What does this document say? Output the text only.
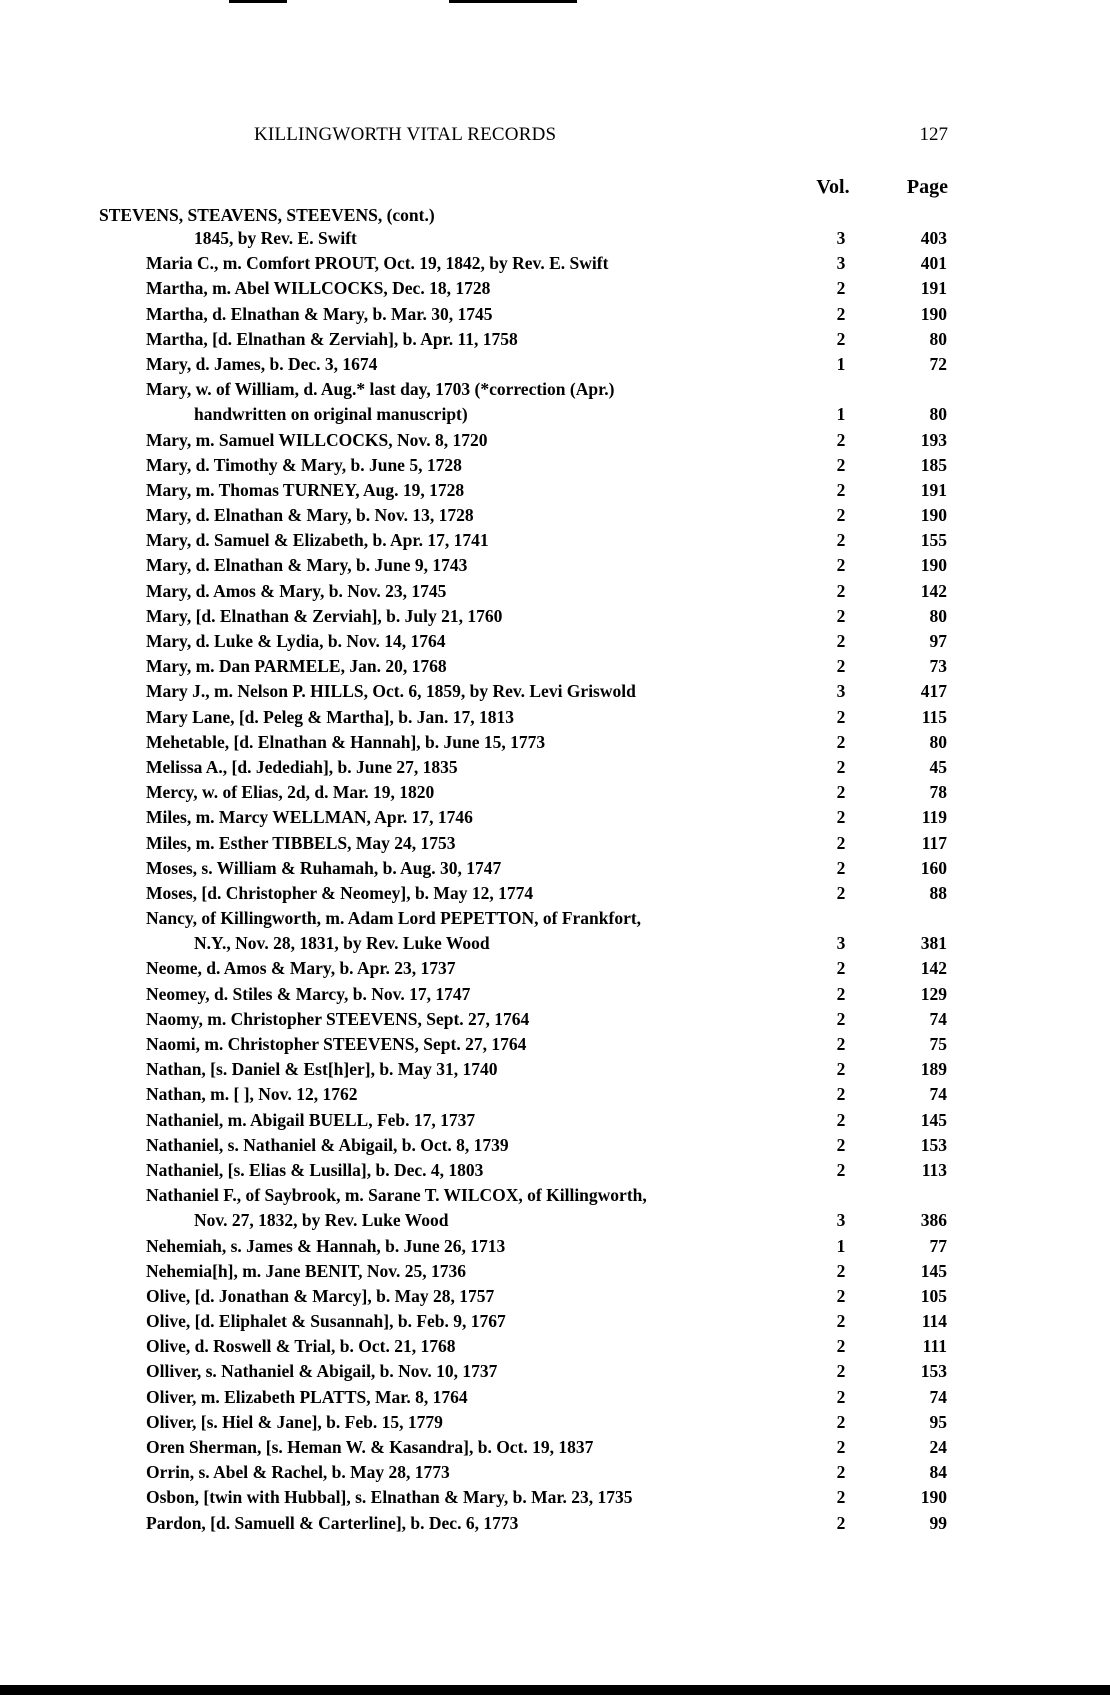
KILLINGWORTH VITAL RECORDS	127
Vol.	Page
STEVENS, STEAVENS, STEEVENS, (cont.)
1845, by Rev. E. Swift	3	403
Maria C., m. Comfort PROUT, Oct. 19, 1842, by Rev. E. Swift	3	401
Martha, m. Abel WILLCOCKS, Dec. 18, 1728	2	191
Martha, d. Elnathan & Mary, b. Mar. 30, 1745	2	190
Martha, [d. Elnathan & Zerviah], b. Apr. 11, 1758	2	80
Mary, d. James, b. Dec. 3, 1674	1	72
Mary, w. of William, d. Aug.* last day, 1703 (*correction (Apr.)
handwritten on original manuscript)	1	80
Mary, m. Samuel WILLCOCKS, Nov. 8, 1720	2	193
Mary, d. Timothy & Mary, b. June 5, 1728	2	185
Mary, m. Thomas TURNEY, Aug. 19, 1728	2	191
Mary, d. Elnathan & Mary, b. Nov. 13, 1728	2	190
Mary, d. Samuel & Elizabeth, b. Apr. 17, 1741	2	155
Mary, d. Elnathan & Mary, b. June 9, 1743	2	190
Mary, d. Amos & Mary, b. Nov. 23, 1745	2	142
Mary, [d. Elnathan & Zerviah], b. July 21, 1760	2	80
Mary, d. Luke & Lydia, b. Nov. 14, 1764	2	97
Mary, m. Dan PARMELE, Jan. 20, 1768	2	73
Mary J., m. Nelson P. HILLS, Oct. 6, 1859, by Rev. Levi Griswold	3	417
Mary Lane, [d. Peleg & Martha], b. Jan. 17, 1813	2	115
Mehetable, [d. Elnathan & Hannah], b. June 15, 1773	2	80
Melissa A., [d. Jedediah], b. June 27, 1835	2	45
Mercy, w. of Elias, 2d, d. Mar. 19, 1820	2	78
Miles, m. Marcy WELLMAN, Apr. 17, 1746	2	119
Miles, m. Esther TIBBELS, May 24, 1753	2	117
Moses, s. William & Ruhamah, b. Aug. 30, 1747	2	160
Moses, [d. Christopher & Neomey], b. May 12, 1774	2	88
Nancy, of Killingworth, m. Adam Lord PEPETTON, of Frankfort,
N.Y., Nov. 28, 1831, by Rev. Luke Wood	3	381
Neome, d. Amos & Mary, b. Apr. 23, 1737	2	142
Neomey, d. Stiles & Marcy, b. Nov. 17, 1747	2	129
Naomy, m. Christopher STEEVENS, Sept. 27, 1764	2	74
Naomi, m. Christopher STEEVENS, Sept. 27, 1764	2	75
Nathan, [s. Daniel & Est[h]er], b. May 31, 1740	2	189
Nathan, m. [ ], Nov. 12, 1762	2	74
Nathaniel, m. Abigail BUELL, Feb. 17, 1737	2	145
Nathaniel, s. Nathaniel & Abigail, b. Oct. 8, 1739	2	153
Nathaniel, [s. Elias & Lusilla], b. Dec. 4, 1803	2	113
Nathaniel F., of Saybrook, m. Sarane T. WILCOX, of Killingworth,
Nov. 27, 1832, by Rev. Luke Wood	3	386
Nehemiah, s. James & Hannah, b. June 26, 1713	1	77
Nehemia[h], m. Jane BENIT, Nov. 25, 1736	2	145
Olive, [d. Jonathan & Marcy], b. May 28, 1757	2	105
Olive, [d. Eliphalet & Susannah], b. Feb. 9, 1767	2	114
Olive, d. Roswell & Trial, b. Oct. 21, 1768	2	111
Olliver, s. Nathaniel & Abigail, b. Nov. 10, 1737	2	153
Oliver, m. Elizabeth PLATTS, Mar. 8, 1764	2	74
Oliver, [s. Hiel & Jane], b. Feb. 15, 1779	2	95
Oren Sherman, [s. Heman W. & Kasandra], b. Oct. 19, 1837	2	24
Orrin, s. Abel & Rachel, b. May 28, 1773	2	84
Osbon, [twin with Hubbal], s. Elnathan & Mary, b. Mar. 23, 1735	2	190
Pardon, [d. Samuell & Carterline], b. Dec. 6, 1773	2	99
